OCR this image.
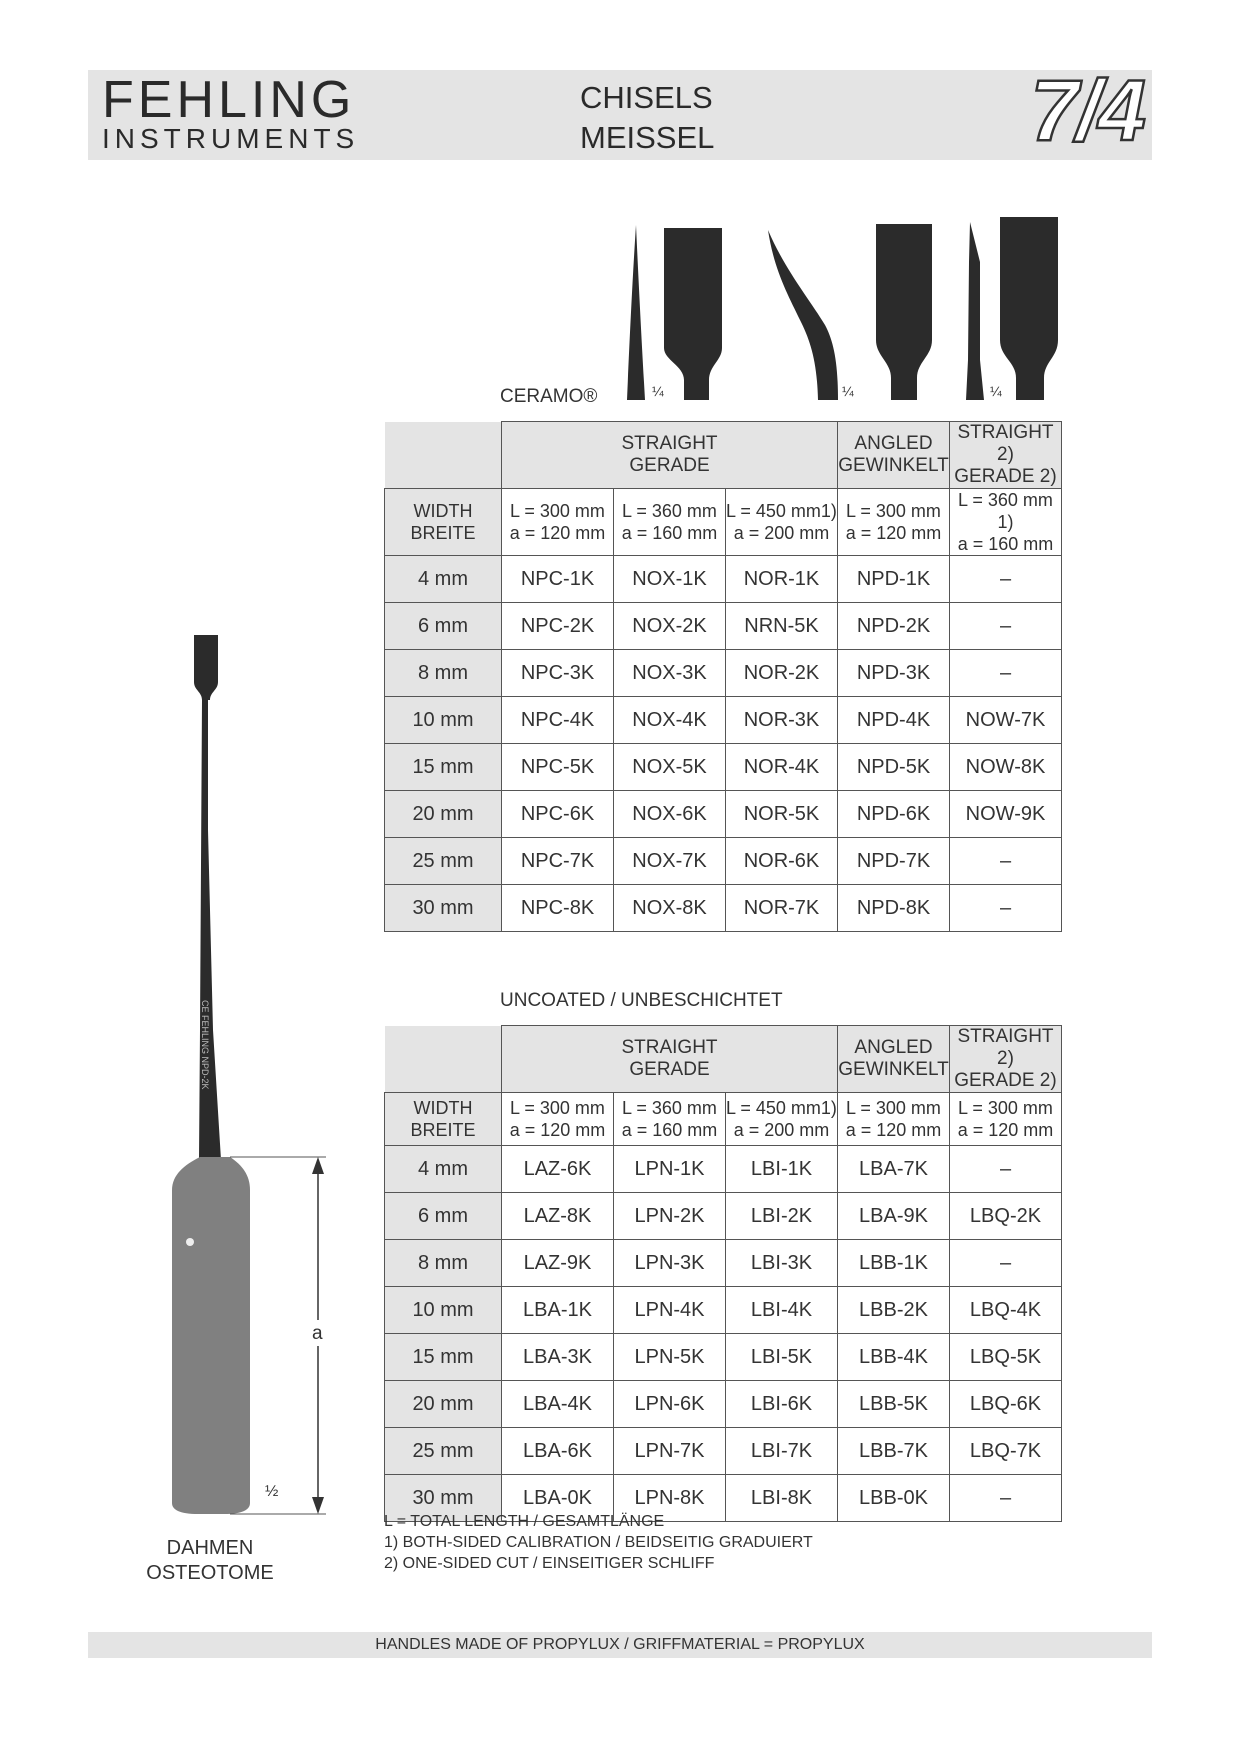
FEHLING
INSTRUMENTS
CHISELS
MEISSEL	7/4
¼	¼	¼
CE FEHLING NPD-2K
a
½
CERAMO®
	STRAIGHT
GERADE			ANGLED
GEWINKELT	STRAIGHT 2)
GERADE 2)
WIDTH
BREITE	L = 300 mm
a = 120 mm	L = 360 mm
a = 160 mm	L = 450 mm1)
a = 200 mm	L = 300 mm
a = 120 mm	L = 360 mm 1)
a = 160 mm
4 mm	NPC-1K	NOX-1K	NOR-1K	NPD-1K	–
6 mm	NPC-2K	NOX-2K	NRN-5K	NPD-2K	–
8 mm	NPC-3K	NOX-3K	NOR-2K	NPD-3K	–
10 mm	NPC-4K	NOX-4K	NOR-3K	NPD-4K	NOW-7K
15 mm	NPC-5K	NOX-5K	NOR-4K	NPD-5K	NOW-8K
20 mm	NPC-6K	NOX-6K	NOR-5K	NPD-6K	NOW-9K
25 mm	NPC-7K	NOX-7K	NOR-6K	NPD-7K	–
30 mm	NPC-8K	NOX-8K	NOR-7K	NPD-8K	–
UNCOATED / UNBESCHICHTET
	STRAIGHT
GERADE			ANGLED
GEWINKELT	STRAIGHT 2)
GERADE 2)
WIDTH
BREITE	L = 300 mm
a = 120 mm	L = 360 mm
a = 160 mm	L = 450 mm1)
a = 200 mm	L = 300 mm
a = 120 mm	L = 300 mm
a = 120 mm
4 mm	LAZ-6K	LPN-1K	LBI-1K	LBA-7K	–
6 mm	LAZ-8K	LPN-2K	LBI-2K	LBA-9K	LBQ-2K
8 mm	LAZ-9K	LPN-3K	LBI-3K	LBB-1K	–
10 mm	LBA-1K	LPN-4K	LBI-4K	LBB-2K	LBQ-4K
15 mm	LBA-3K	LPN-5K	LBI-5K	LBB-4K	LBQ-5K
20 mm	LBA-4K	LPN-6K	LBI-6K	LBB-5K	LBQ-6K
25 mm	LBA-6K	LPN-7K	LBI-7K	LBB-7K	LBQ-7K
30 mm	LBA-0K	LPN-8K	LBI-8K	LBB-0K	–
L = TOTAL LENGTH / GESAMTLÄNGE
1) BOTH-SIDED CALIBRATION / BEIDSEITIG GRADUIERT
2) ONE-SIDED CUT / EINSEITIGER SCHLIFF
DAHMEN
OSTEOTOME
HANDLES MADE OF PROPYLUX / GRIFFMATERIAL = PROPYLUX
